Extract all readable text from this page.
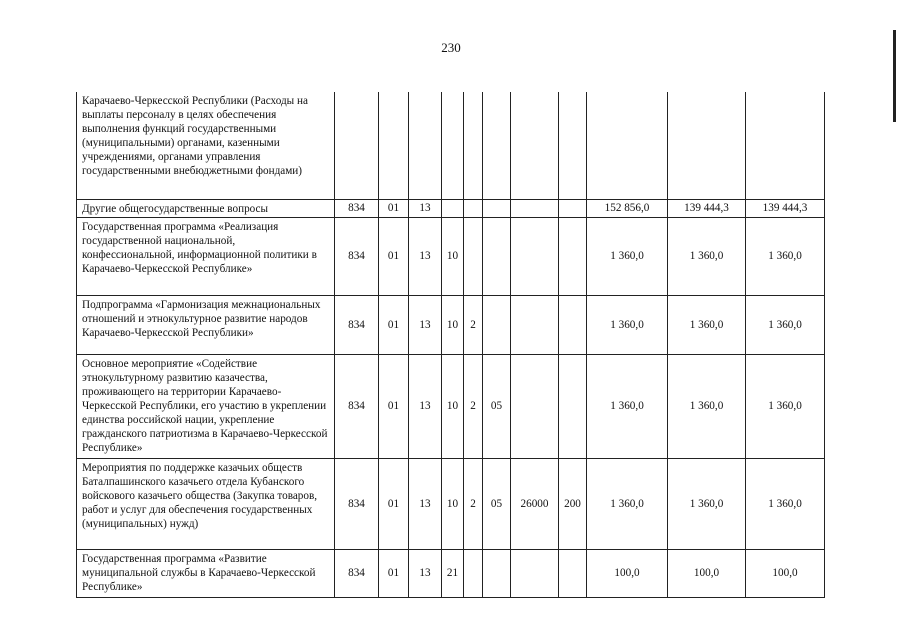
230
Карачаево-Черкесской Республики (Расходы на выплаты персоналу в целях обеспечения выполнения функций государственными (муниципальными) органами, казенными учреждениями, органами управления государственными внебюджетными фондами)											
Другие общегосударственные вопросы	834	01	13						152 856,0	139 444,3	139 444,3
Государственная программа «Реализация государственной национальной, конфессиональной, информационной политики в Карачаево-Черкесской Республике»	834	01	13	10					1 360,0	1 360,0	1 360,0
Подпрограмма «Гармонизация межнациональных отношений и этнокультурное развитие народов Карачаево-Черкесской Республики»	834	01	13	10	2				1 360,0	1 360,0	1 360,0
Основное мероприятие «Содействие этнокультурному развитию казачества, проживающего на территории Карачаево-Черкесской Республики, его участию в укреплении единства российской нации, укрепление гражданского патриотизма в Карачаево-Черкесской Республике»	834	01	13	10	2	05			1 360,0	1 360,0	1 360,0
Мероприятия по поддержке казачьих обществ Баталпашинского казачьего отдела Кубанского войскового казачьего общества (Закупка товаров, работ и услуг для обеспечения государственных (муниципальных) нужд)	834	01	13	10	2	05	26000	200	1 360,0	1 360,0	1 360,0
Государственная программа «Развитие муниципальной службы в Карачаево-Черкесской Республике»	834	01	13	21					100,0	100,0	100,0
